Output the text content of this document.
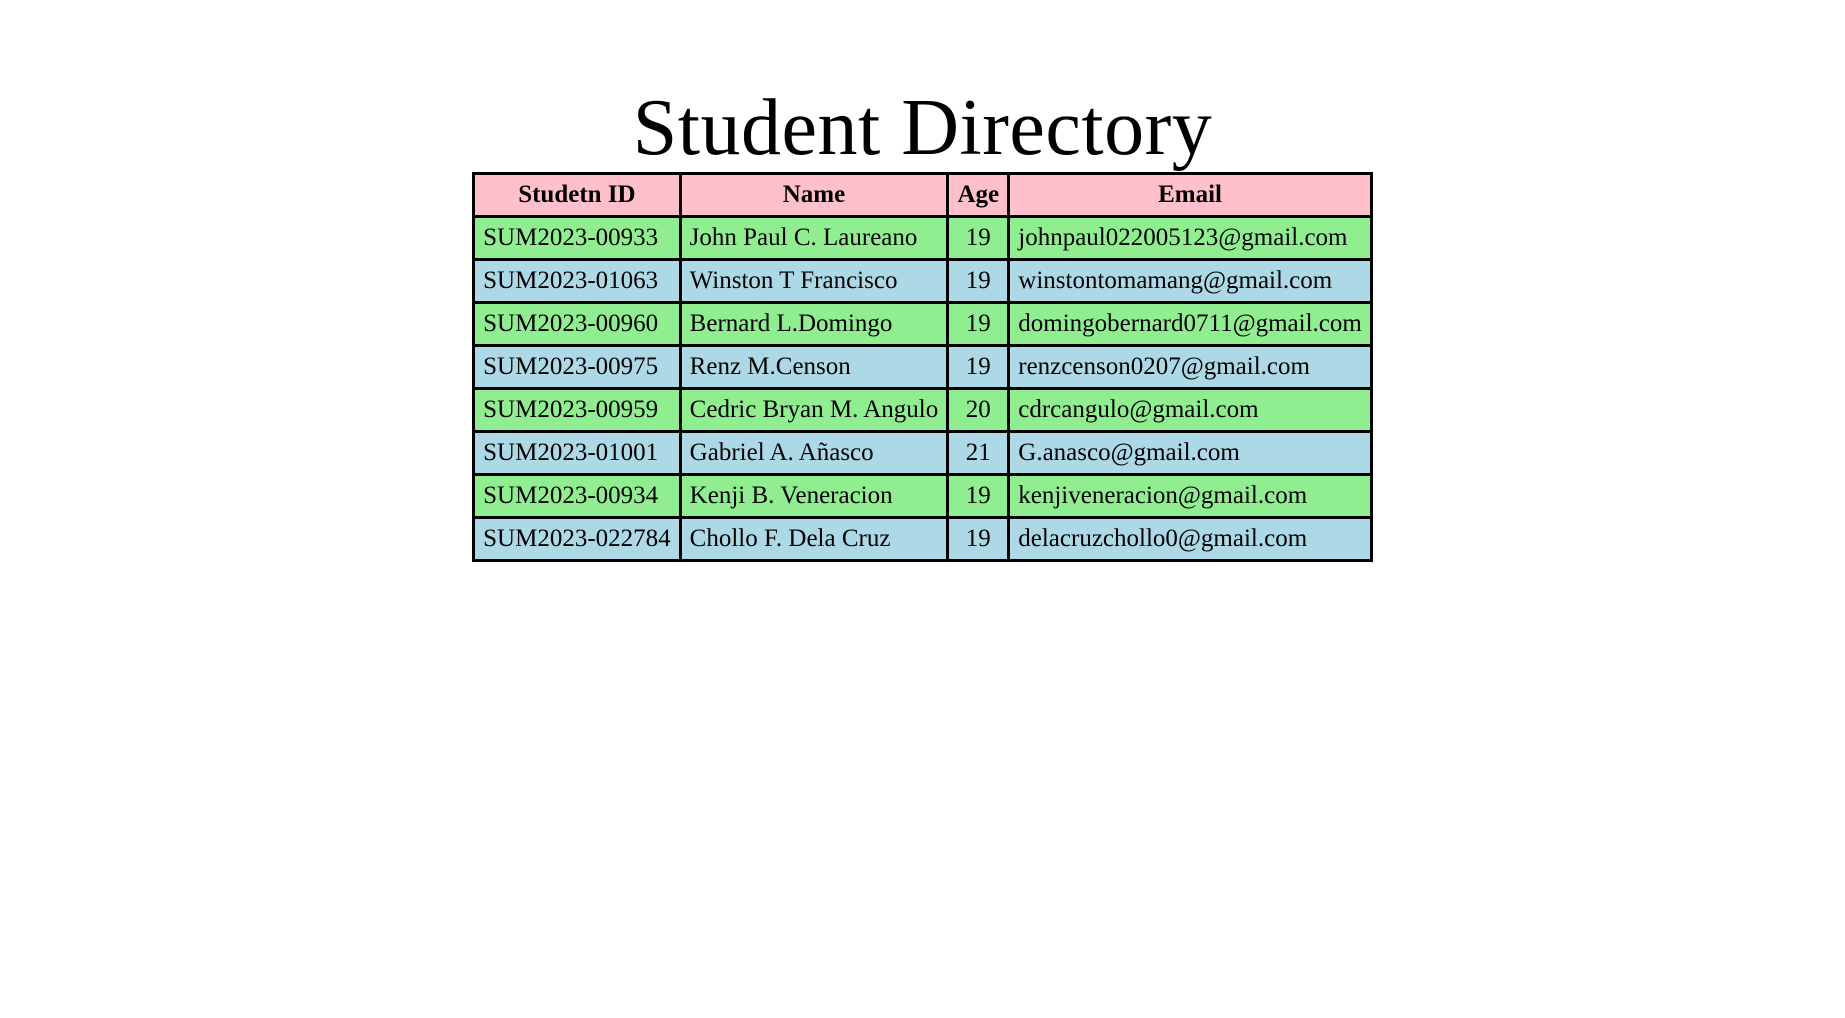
Student Directory
Studetn ID	Name	Age	Email
SUM2023-00933	John Paul C. Laureano	19	johnpaul022005123@gmail.com
SUM2023-01063	Winston T Francisco	19	winstontomamang@gmail.com
SUM2023-00960	Bernard L.Domingo	19	domingobernard0711@gmail.com
SUM2023-00975	Renz M.Censon	19	renzcenson0207@gmail.com
SUM2023-00959	Cedric Bryan M. Angulo	20	cdrcangulo@gmail.com
SUM2023-01001	Gabriel A. Añasco	21	G.anasco@gmail.com
SUM2023-00934	Kenji B. Veneracion	19	kenjiveneracion@gmail.com
SUM2023-022784	Chollo F. Dela Cruz	19	delacruzchollo0@gmail.com
